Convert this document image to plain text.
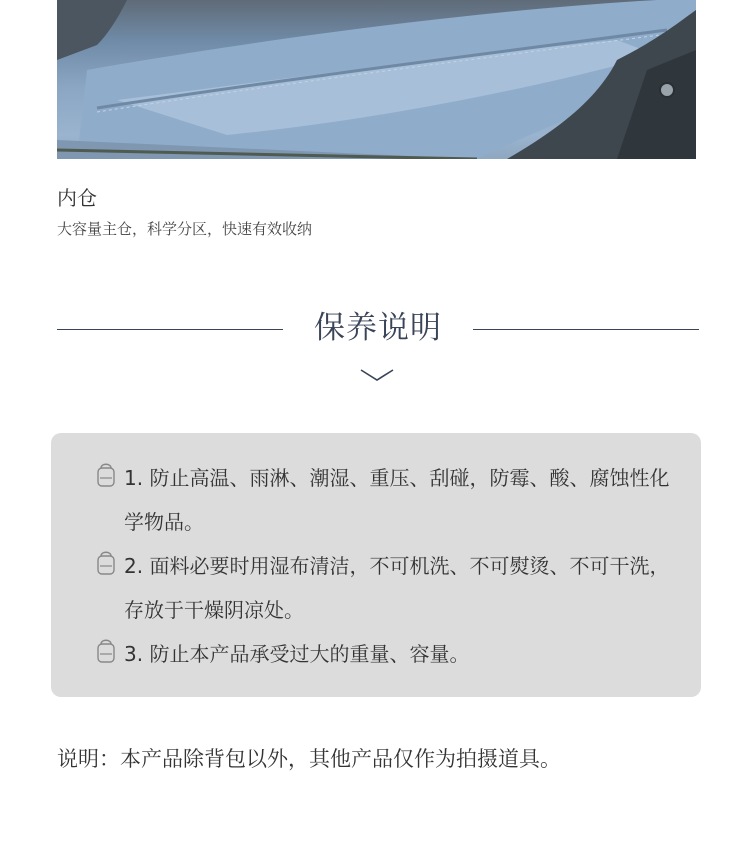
内仓
大容量主仓，科学分区，快速有效收纳
保养说明
1. 防止高温、雨淋、潮湿、重压、刮碰，防霉、酸、腐蚀性化学物品。
2. 面料必要时用湿布清洁，不可机洗、不可熨烫、不可干洗，存放于干燥阴凉处。
3. 防止本产品承受过大的重量、容量。
说明：本产品除背包以外，其他产品仅作为拍摄道具。
